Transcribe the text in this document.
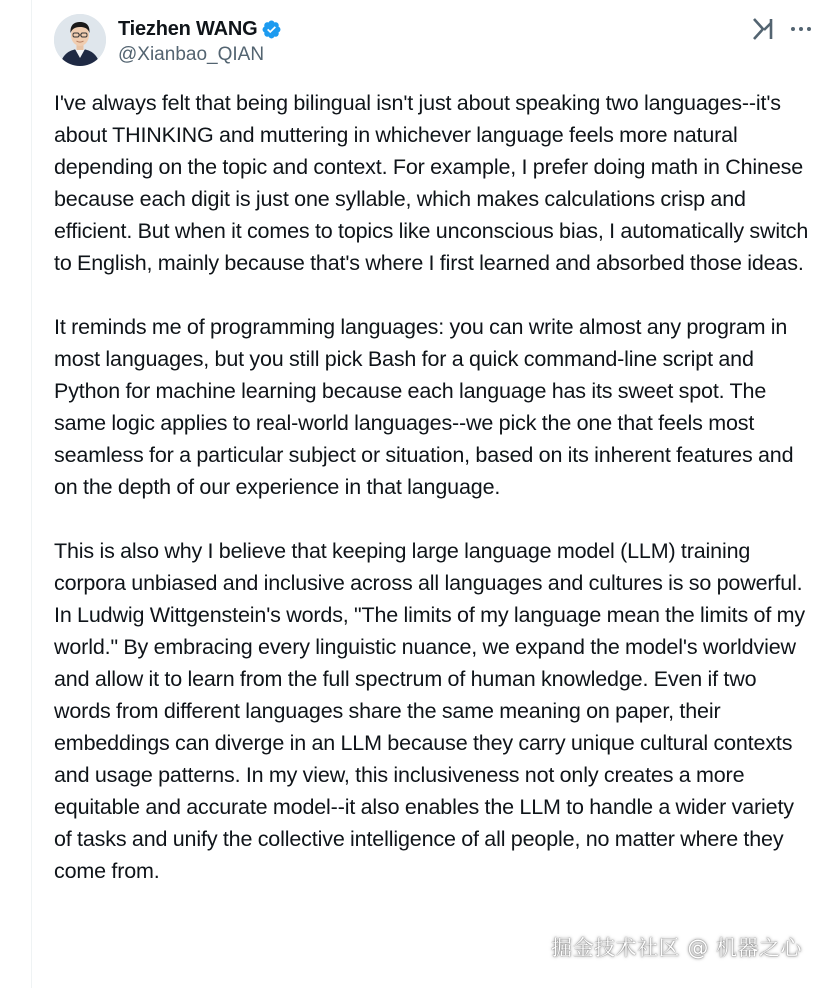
Tiezhen WANG
@Xianbao_QIAN

I've always felt that being bilingual isn't just about speaking two languages--it's about THINKING and muttering in whichever language feels more natural depending on the topic and context. For example, I prefer doing math in Chinese because each digit is just one syllable, which makes calculations crisp and efficient. But when it comes to topics like unconscious bias, I automatically switch to English, mainly because that's where I first learned and absorbed those ideas.

It reminds me of programming languages: you can write almost any program in most languages, but you still pick Bash for a quick command-line script and Python for machine learning because each language has its sweet spot. The same logic applies to real-world languages--we pick the one that feels most seamless for a particular subject or situation, based on its inherent features and on the depth of our experience in that language.

This is also why I believe that keeping large language model (LLM) training corpora unbiased and inclusive across all languages and cultures is so powerful. In Ludwig Wittgenstein's words, "The limits of my language mean the limits of my world." By embracing every linguistic nuance, we expand the model's worldview and allow it to learn from the full spectrum of human knowledge. Even if two words from different languages share the same meaning on paper, their embeddings can diverge in an LLM because they carry unique cultural contexts and usage patterns. In my view, this inclusiveness not only creates a more equitable and accurate model--it also enables the LLM to handle a wider variety of tasks and unify the collective intelligence of all people, no matter where they come from.

掘金技术社区 @ 机器之心
